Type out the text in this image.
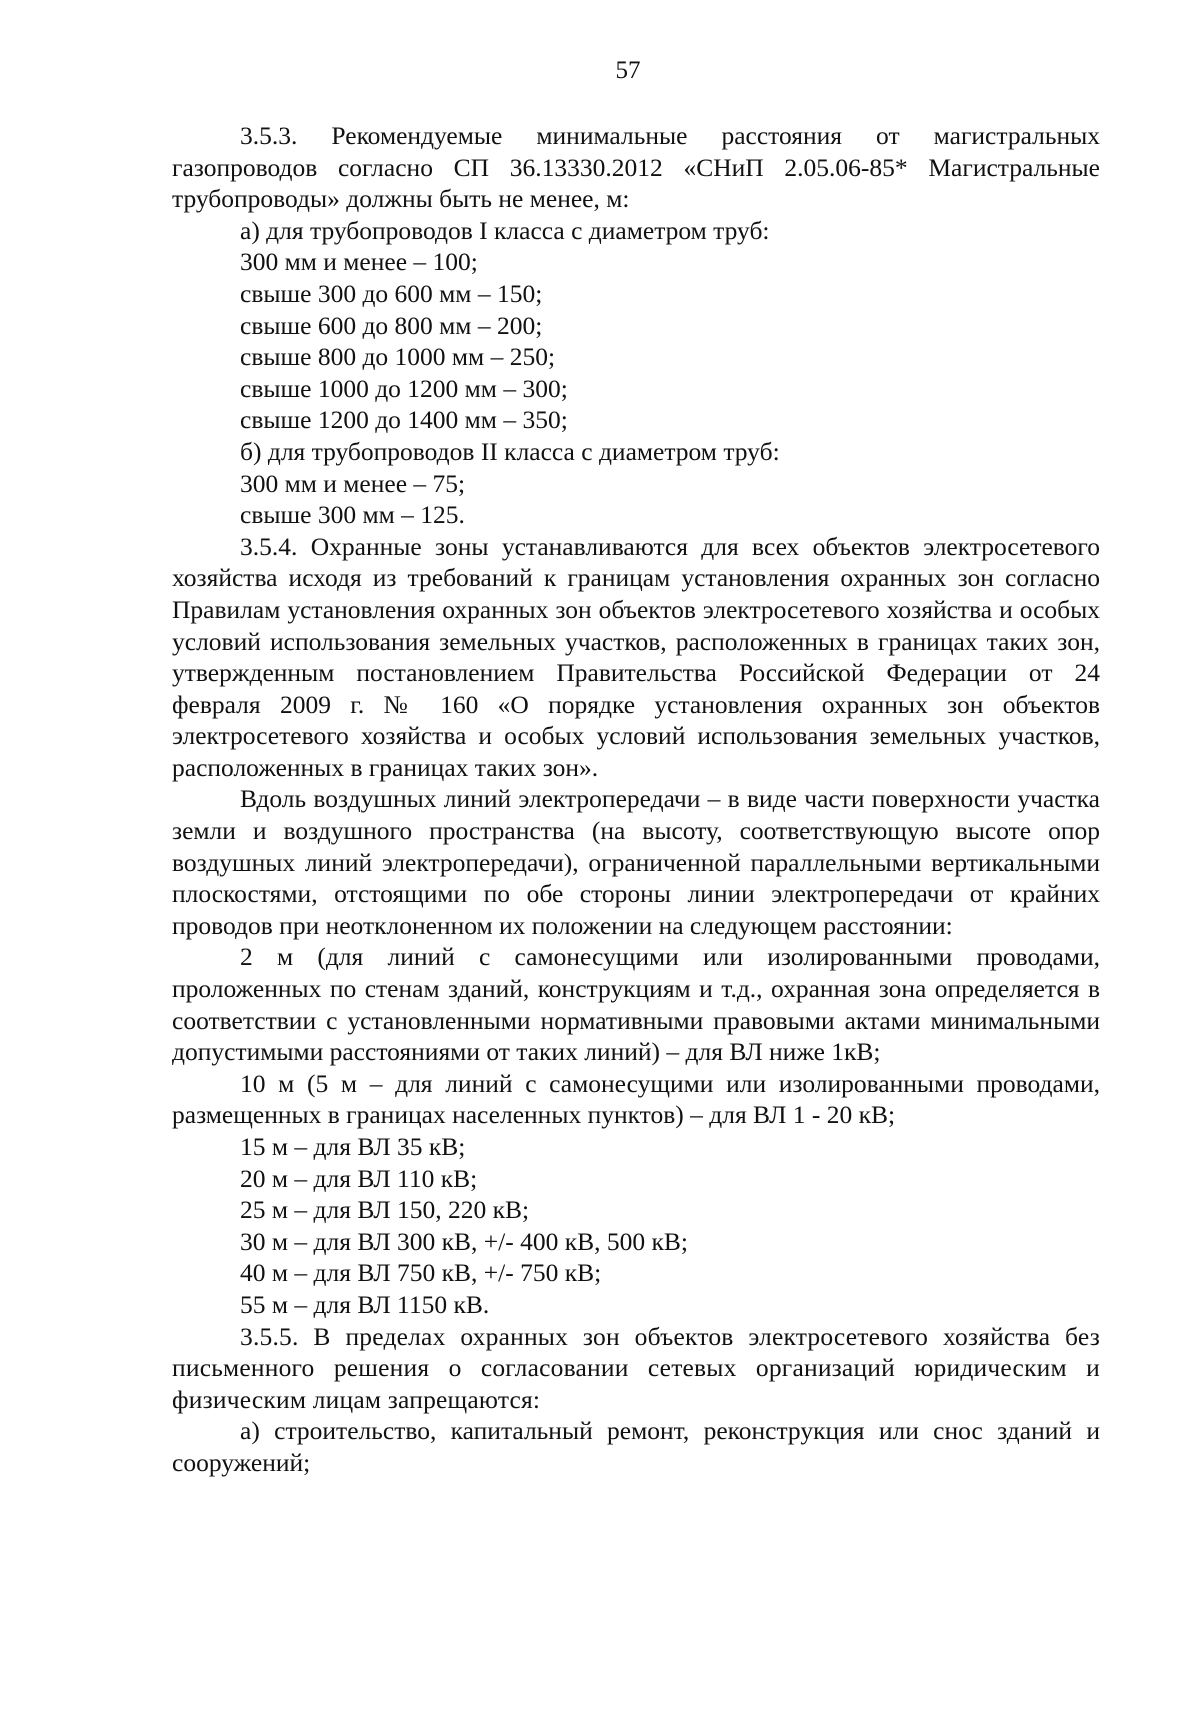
57

3.5.3. Рекомендуемые минимальные расстояния от магистральных газопроводов согласно СП 36.13330.2012 «СНиП 2.05.06-85* Магистральные трубопроводы» должны быть не менее, м:

а) для трубопроводов I класса с диаметром труб:

300 мм и менее – 100;

свыше 300 до 600 мм – 150;

свыше 600 до 800 мм – 200;

свыше 800 до 1000 мм – 250;

свыше 1000 до 1200 мм – 300;

свыше 1200 до 1400 мм – 350;

б) для трубопроводов II класса с диаметром труб:

300 мм и менее – 75;

свыше 300 мм – 125.

3.5.4. Охранные зоны устанавливаются для всех объектов электросетевого хозяйства исходя из требований к границам установления охранных зон согласно Правилам установления охранных зон объектов электросетевого хозяйства и особых условий использования земельных участков, расположенных в границах таких зон, утвержденным постановлением Правительства Российской Федерации от 24 февраля 2009 г. № 160 «О порядке установления охранных зон объектов электросетевого хозяйства и особых условий использования земельных участков, расположенных в границах таких зон».

Вдоль воздушных линий электропередачи – в виде части поверхности участка земли и воздушного пространства (на высоту, соответствующую высоте опор воздушных линий электропередачи), ограниченной параллельными вертикальными плоскостями, отстоящими по обе стороны линии электропередачи от крайних проводов при неотклоненном их положении на следующем расстоянии:

2 м (для линий с самонесущими или изолированными проводами, проложенных по стенам зданий, конструкциям и т.д., охранная зона определяется в соответствии с установленными нормативными правовыми актами минимальными допустимыми расстояниями от таких линий) – для ВЛ ниже 1кВ;

10 м (5 м – для линий с самонесущими или изолированными проводами, размещенных в границах населенных пунктов) – для ВЛ 1 - 20 кВ;

15 м – для ВЛ 35 кВ;

20 м – для ВЛ 110 кВ;

25 м – для ВЛ 150, 220 кВ;

30 м – для ВЛ 300 кВ, +/- 400 кВ, 500 кВ;

40 м – для ВЛ 750 кВ, +/- 750 кВ;

55 м – для ВЛ 1150 кВ.

3.5.5. В пределах охранных зон объектов электросетевого хозяйства без письменного решения о согласовании сетевых организаций юридическим и физическим лицам запрещаются:

а) строительство, капитальный ремонт, реконструкция или снос зданий и сооружений;
